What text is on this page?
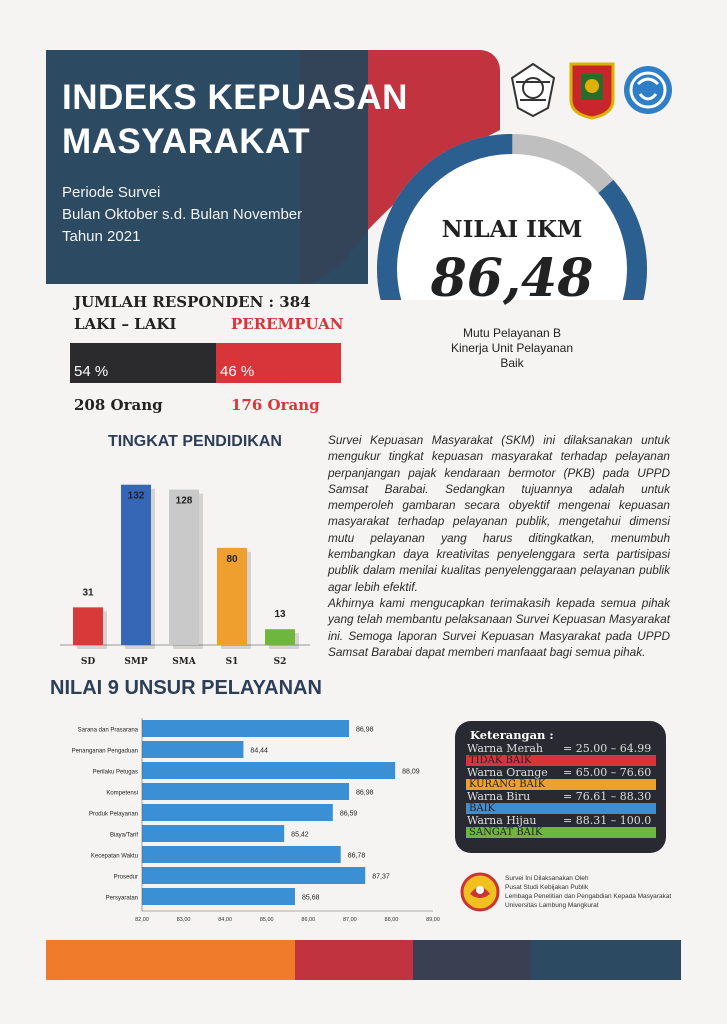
INDEKS KEPUASAN
MASYARAKAT
Periode Survei
Bulan Oktober s.d. Bulan November
Tahun 2021	NILAI IKM
86,48
Mutu Pelayanan B
Kinerja Unit Pelayanan
Baik
JUMLAH RESPONDEN : 384
LAKI – LAKI	PEREMPUAN
54 %	46 %
208 Orang	176 Orang
TINGKAT PENDIDIKAN
31
SD
132
SMP
128
SMA
80
S1
13
S2

Survei Kepuasan Masyarakat (SKM) ini dilaksanakan untuk mengukur tingkat kepuasan masyarakat terhadap pelayanan perpanjangan pajak kendaraan bermotor (PKB) pada UPPD Samsat Barabai. Sedangkan tujuannya adalah untuk memperoleh gambaran secara obyektif mengenai kepuasan masyarakat terhadap pelayanan publik, mengetahui dimensi mutu pelayanan yang harus ditingkatkan, menumbuh kembangkan daya kreativitas penyelenggara serta partisipasi publik dalam menilai kualitas penyelenggaraan pelayanan publik agar lebih efektif.

Akhirnya kami mengucapkan terimakasih kepada semua pihak yang telah membantu pelaksanaan Survei Kepuasan Masyarakat ini. Semoga laporan Survei Kepuasan Masyarakat pada UPPD Samsat Barabai dapat memberi manfaaat bagi semua pihak.

NILAI 9 UNSUR PELAYANAN
Sarana dan Prasarana	86,98
Penanganan Pengaduan	84,44
Perilaku Petugas	88,09
Kompetensi	86,98
Produk Pelayanan	86,59
Biaya/Tarif	85,42
Kecepatan Waktu	86,78
Prosedur	87,37
Persyaratan	85,68
82,00	83,00	84,00	85,00	86,00	87,00	88,00	89,00
Keterangan :
Warna Merah	= 25.00 – 64.99
TIDAK BAIK
Warna Orange	= 65.00 – 76.60
KURANG BAIK
Warna Biru	= 76.61 – 88.30
BAIK
Warna Hijau	= 88.31 – 100.0
SANGAT BAIK
Survei Ini Dilaksanakan Oleh
Pusat Studi Kebijakan Publik
Lembaga Penelitian dan Pengabdian Kepada Masyarakat
Universitas Lambung Mangkurat
